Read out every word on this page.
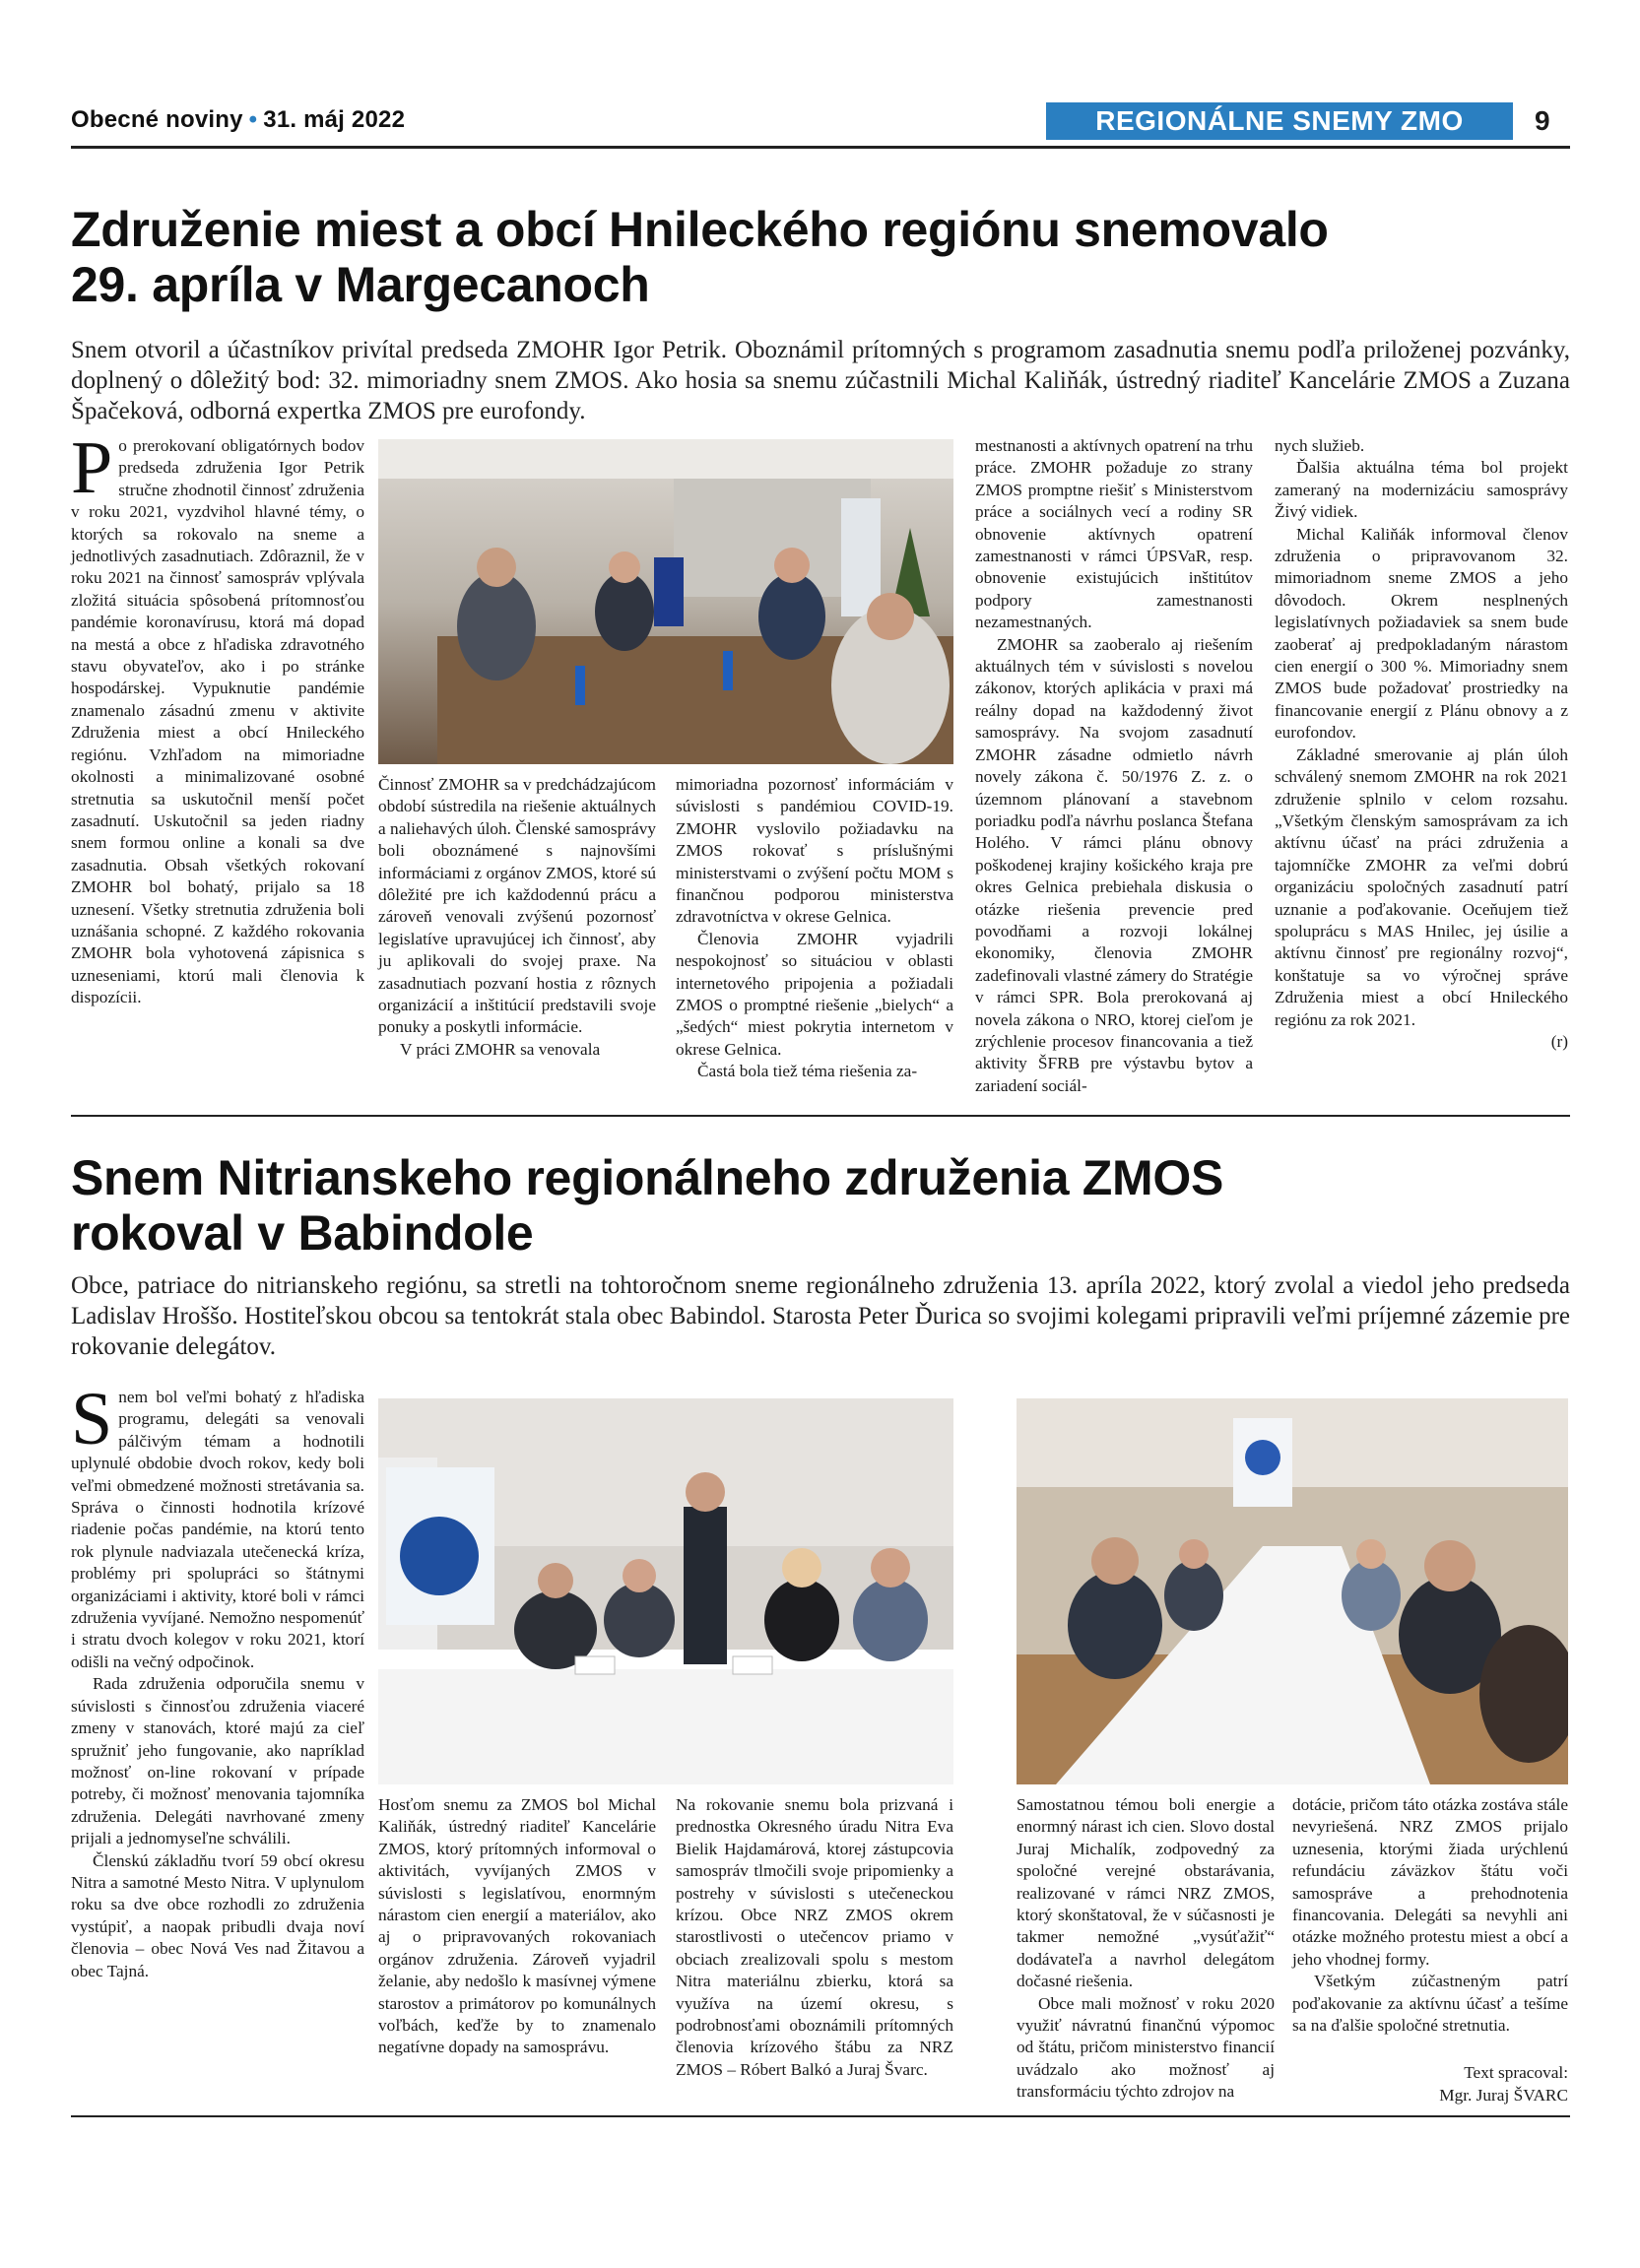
Obecné noviny • 31. máj 2022	REGIONÁLNE SNEMY ZMO	9
Združenie miest a obcí Hnileckého regiónu snemovalo
29. apríla v Margecanoch
Snem otvoril a účastníkov privítal predseda ZMOHR Igor Petrik. Oboznámil prítomných s programom zasadnutia snemu podľa priloženej pozvánky, doplnený o dôležitý bod: 32. mimoriadny snem ZMOS. Ako hosia sa snemu zúčastnili Michal Kaliňák, ústredný riaditeľ Kancelárie ZMOS a Zuzana Špačeková, odborná expertka ZMOS pre eurofondy.

Po prerokovaní obligatórnych bodov predseda združenia Igor Petrik stručne zhodnotil činnosť združenia v roku 2021, vyzdvihol hlavné témy, o ktorých sa rokovalo na sneme a jednotlivých zasadnutiach. Zdôraznil, že v roku 2021 na činnosť samospráv vplývala zložitá situácia spôsobená prítomnosťou pandémie koronavírusu, ktorá má dopad na mestá a obce z hľadiska zdravotného stavu obyvateľov, ako i po stránke hospodárskej. Vypuknutie pandémie znamenalo zásadnú zmenu v aktivite Združenia miest a obcí Hnileckého regiónu. Vzhľadom na mimoriadne okolnosti a minimalizované osobné stretnutia sa uskutočnil menší počet zasadnutí. Uskutočnil sa jeden riadny snem formou online a konali sa dve zasadnutia. Obsah všetkých rokovaní ZMOHR bol bohatý, prijalo sa 18 uznesení. Všetky stretnutia združenia boli uznášania schopné. Z každého rokovania ZMOHR bola vyhotovená zápisnica s uzneseniami, ktorú mali členovia k dispozícii.

Činnosť ZMOHR sa v predchádzajúcom období sústredila na riešenie aktuálnych a naliehavých úloh. Členské samosprávy boli oboznámené s najnovšími informáciami z orgánov ZMOS, ktoré sú dôležité pre ich každodennú prácu a zároveň venovali zvýšenú pozornosť legislatíve upravujúcej ich činnosť, aby ju aplikovali do svojej praxe. Na zasadnutiach pozvaní hostia z rôznych organizácií a inštitúcií predstavili svoje ponuky a poskytli informácie.

V práci ZMOHR sa venovala

mimoriadna pozornosť informáciám v súvislosti s pandémiou COVID-19. ZMOHR vyslovilo požiadavku na ZMOS rokovať s príslušnými ministerstvami o zvýšení počtu MOM s finančnou podporou ministerstva zdravotníctva v okrese Gelnica.

Členovia ZMOHR vyjadrili nespokojnosť so situáciou v oblasti internetového pripojenia a požiadali ZMOS o promptné riešenie „bielych“ a „šedých“ miest pokrytia internetom v okrese Gelnica.

Častá bola tiež téma riešenia za-

mestnanosti a aktívnych opatrení na trhu práce. ZMOHR požaduje zo strany ZMOS promptne riešiť s Ministerstvom práce a sociálnych vecí a rodiny SR obnovenie aktívnych opatrení zamestnanosti v rámci ÚPSVaR, resp. obnovenie existujúcich inštitútov podpory zamestnanosti nezamestnaných.

ZMOHR sa zaoberalo aj riešením aktuálnych tém v súvislosti s novelou zákonov, ktorých aplikácia v praxi má reálny dopad na každodenný život samosprávy. Na svojom zasadnutí ZMOHR zásadne odmietlo návrh novely zákona č. 50/1976 Z. z. o územnom plánovaní a stavebnom poriadku podľa návrhu poslanca Štefana Holého. V rámci plánu obnovy poškodenej krajiny košického kraja pre okres Gelnica prebiehala diskusia o otázke riešenia prevencie pred povodňami a rozvoji lokálnej ekonomiky, členovia ZMOHR zadefinovali vlastné zámery do Stratégie v rámci SPR. Bola prerokovaná aj novela zákona o NRO, ktorej cieľom je zrýchlenie procesov financovania a tiež aktivity ŠFRB pre výstavbu bytov a zariadení sociál-

nych služieb.

Ďalšia aktuálna téma bol projekt zameraný na modernizáciu samosprávy Živý vidiek.

Michal Kaliňák informoval členov združenia o pripravovanom 32. mimoriadnom sneme ZMOS a jeho dôvodoch. Okrem nesplnených legislatívnych požiadaviek sa snem bude zaoberať aj predpokladaným nárastom cien energií o 300 %. Mimoriadny snem ZMOS bude požadovať prostriedky na financovanie energií z Plánu obnovy a z eurofondov.

Základné smerovanie aj plán úloh schválený snemom ZMOHR na rok 2021 združenie splnilo v celom rozsahu. „Všetkým členským samosprávam za ich aktívnu účasť na práci združenia a tajomníčke ZMOHR za veľmi dobrú organizáciu spoločných zasadnutí patrí uznanie a poďakovanie. Oceňujem tiež spoluprácu s MAS Hnilec, jej úsilie a aktívnu činnosť pre regionálny rozvoj“, konštatuje sa vo výročnej správe Združenia miest a obcí Hnileckého regiónu za rok 2021.

(r)
Snem Nitrianskeho regionálneho združenia ZMOS
rokoval v Babindole
Obce, patriace do nitrianskeho regiónu, sa stretli na tohtoročnom sneme regionálneho združenia 13. apríla 2022, ktorý zvolal a viedol jeho predseda Ladislav Hroššo. Hostiteľskou obcou sa tentokrát stala obec Babindol. Starosta Peter Ďurica so svojimi kolegami pripravili veľmi príjemné zázemie pre rokovanie delegátov.

Snem bol veľmi bohatý z hľadiska programu, delegáti sa venovali pálčivým témam a hodnotili uplynulé obdobie dvoch rokov, kedy boli veľmi obmedzené možnosti stretávania sa. Správa o činnosti hodnotila krízové riadenie počas pandémie, na ktorú tento rok plynule nadviazala utečenecká kríza, problémy pri spolupráci so štátnymi organizáciami i aktivity, ktoré boli v rámci združenia vyvíjané. Nemožno nespomenúť i stratu dvoch kolegov v roku 2021, ktorí odišli na večný odpočinok.

Rada združenia odporučila snemu v súvislosti s činnosťou združenia viaceré zmeny v stanovách, ktoré majú za cieľ spružniť jeho fungovanie, ako napríklad možnosť on-line rokovaní v prípade potreby, či možnosť menovania tajomníka združenia. Delegáti navrhované zmeny prijali a jednomyseľne schválili.

Členskú základňu tvorí 59 obcí okresu Nitra a samotné Mesto Nitra. V uplynulom roku sa dve obce rozhodli zo združenia vystúpiť, a naopak pribudli dvaja noví členovia – obec Nová Ves nad Žitavou a obec Tajná.

Hosťom snemu za ZMOS bol Michal Kaliňák, ústredný riaditeľ Kancelárie ZMOS, ktorý prítomných informoval o aktivitách, vyvíjaných ZMOS v súvislosti s legislatívou, enormným nárastom cien energií a materiálov, ako aj o pripravovaných rokovaniach orgánov združenia. Zároveň vyjadril želanie, aby nedošlo k masívnej výmene starostov a primátorov po komunálnych voľbách, keďže by to znamenalo negatívne dopady na samosprávu.

Na rokovanie snemu bola prizvaná i prednostka Okresného úradu Nitra Eva Bielik Hajdamárová, ktorej zástupcovia samospráv tlmočili svoje pripomienky a postrehy v súvislosti s utečeneckou krízou. Obce NRZ ZMOS okrem starostlivosti o utečencov priamo v obciach zrealizovali spolu s mestom Nitra materiálnu zbierku, ktorá sa využíva na území okresu, s podrobnosťami oboznámili prítomných členovia krízového štábu za NRZ ZMOS – Róbert Balkó a Juraj Švarc.

Samostatnou témou boli energie a enormný nárast ich cien. Slovo dostal Juraj Michalík, zodpovedný za spoločné verejné obstarávania, realizované v rámci NRZ ZMOS, ktorý skonštatoval, že v súčasnosti je takmer nemožné „vysúťažiť“ dodávateľa a navrhol delegátom dočasné riešenia.

Obce mali možnosť v roku 2020 využiť návratnú finančnú výpomoc od štátu, pričom ministerstvo financií uvádzalo ako možnosť aj transformáciu týchto zdrojov na

dotácie, pričom táto otázka zostáva stále nevyriešená. NRZ ZMOS prijalo uznesenia, ktorými žiada urýchlenú refundáciu záväzkov štátu voči samospráve a prehodnotenia financovania. Delegáti sa nevyhli ani otázke možného protestu miest a obcí a jeho vhodnej formy.

Všetkým zúčastneným patrí poďakovanie za aktívnu účasť a tešíme sa na ďalšie spoločné stretnutia.

Text spracoval:
Mgr. Juraj ŠVARC
